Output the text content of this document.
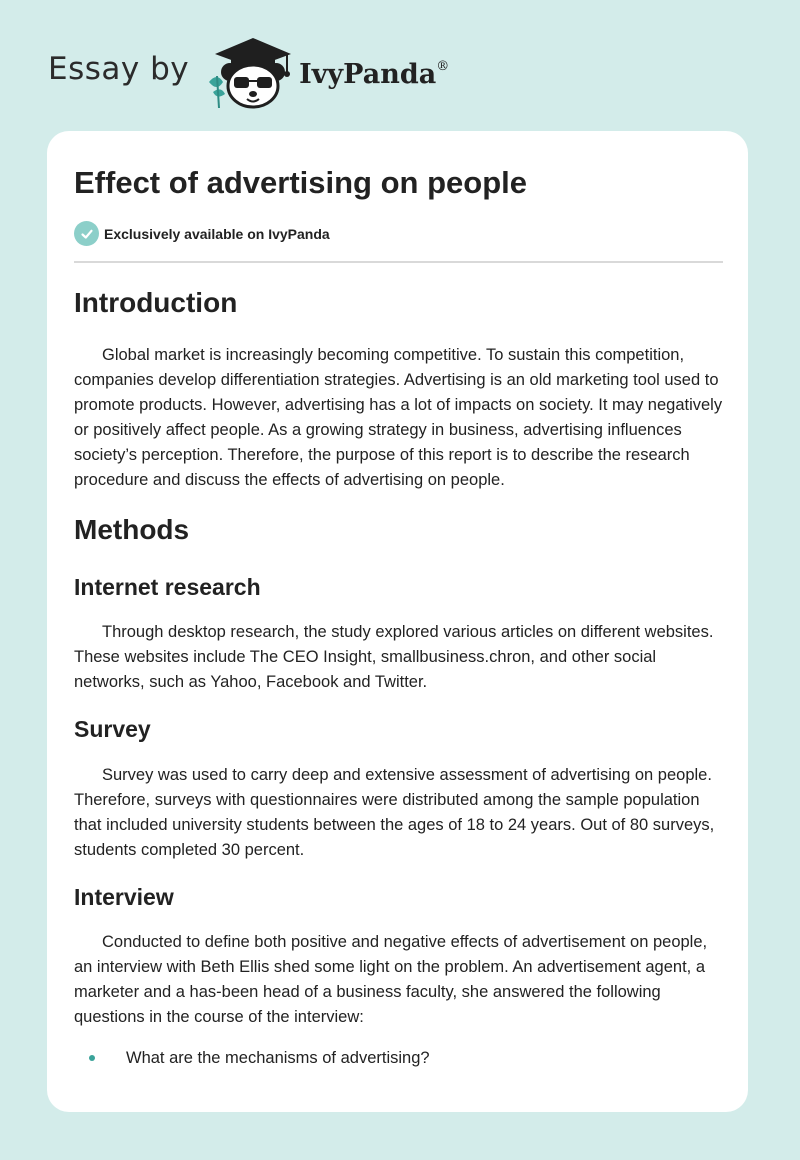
Essay by	IvyPanda®
Effect of advertising on people
Exclusively available on IvyPanda
Introduction

Global market is increasingly becoming competitive. To sustain this competition, companies develop differentiation strategies. Advertising is an old marketing tool used to promote products. However, advertising has a lot of impacts on society. It may negatively or positively affect people. As a growing strategy in business, advertising influences society’s perception. Therefore, the purpose of this report is to describe the research procedure and discuss the effects of advertising on people.

Methods
Internet research

Through desktop research, the study explored various articles on different websites. These websites include The CEO Insight, smallbusiness.chron, and other social networks, such as Yahoo, Facebook and Twitter.

Survey

Survey was used to carry deep and extensive assessment of advertising on people. Therefore, surveys with questionnaires were distributed among the sample population that included university students between the ages of 18 to 24 years. Out of 80 surveys, students completed 30 percent.

Interview

Conducted to define both positive and negative effects of advertisement on people, an interview with Beth Ellis shed some light on the problem. An advertisement agent, a marketer and a has-been head of a business faculty, she answered the following questions in the course of the interview:

What are the mechanisms of advertising?
